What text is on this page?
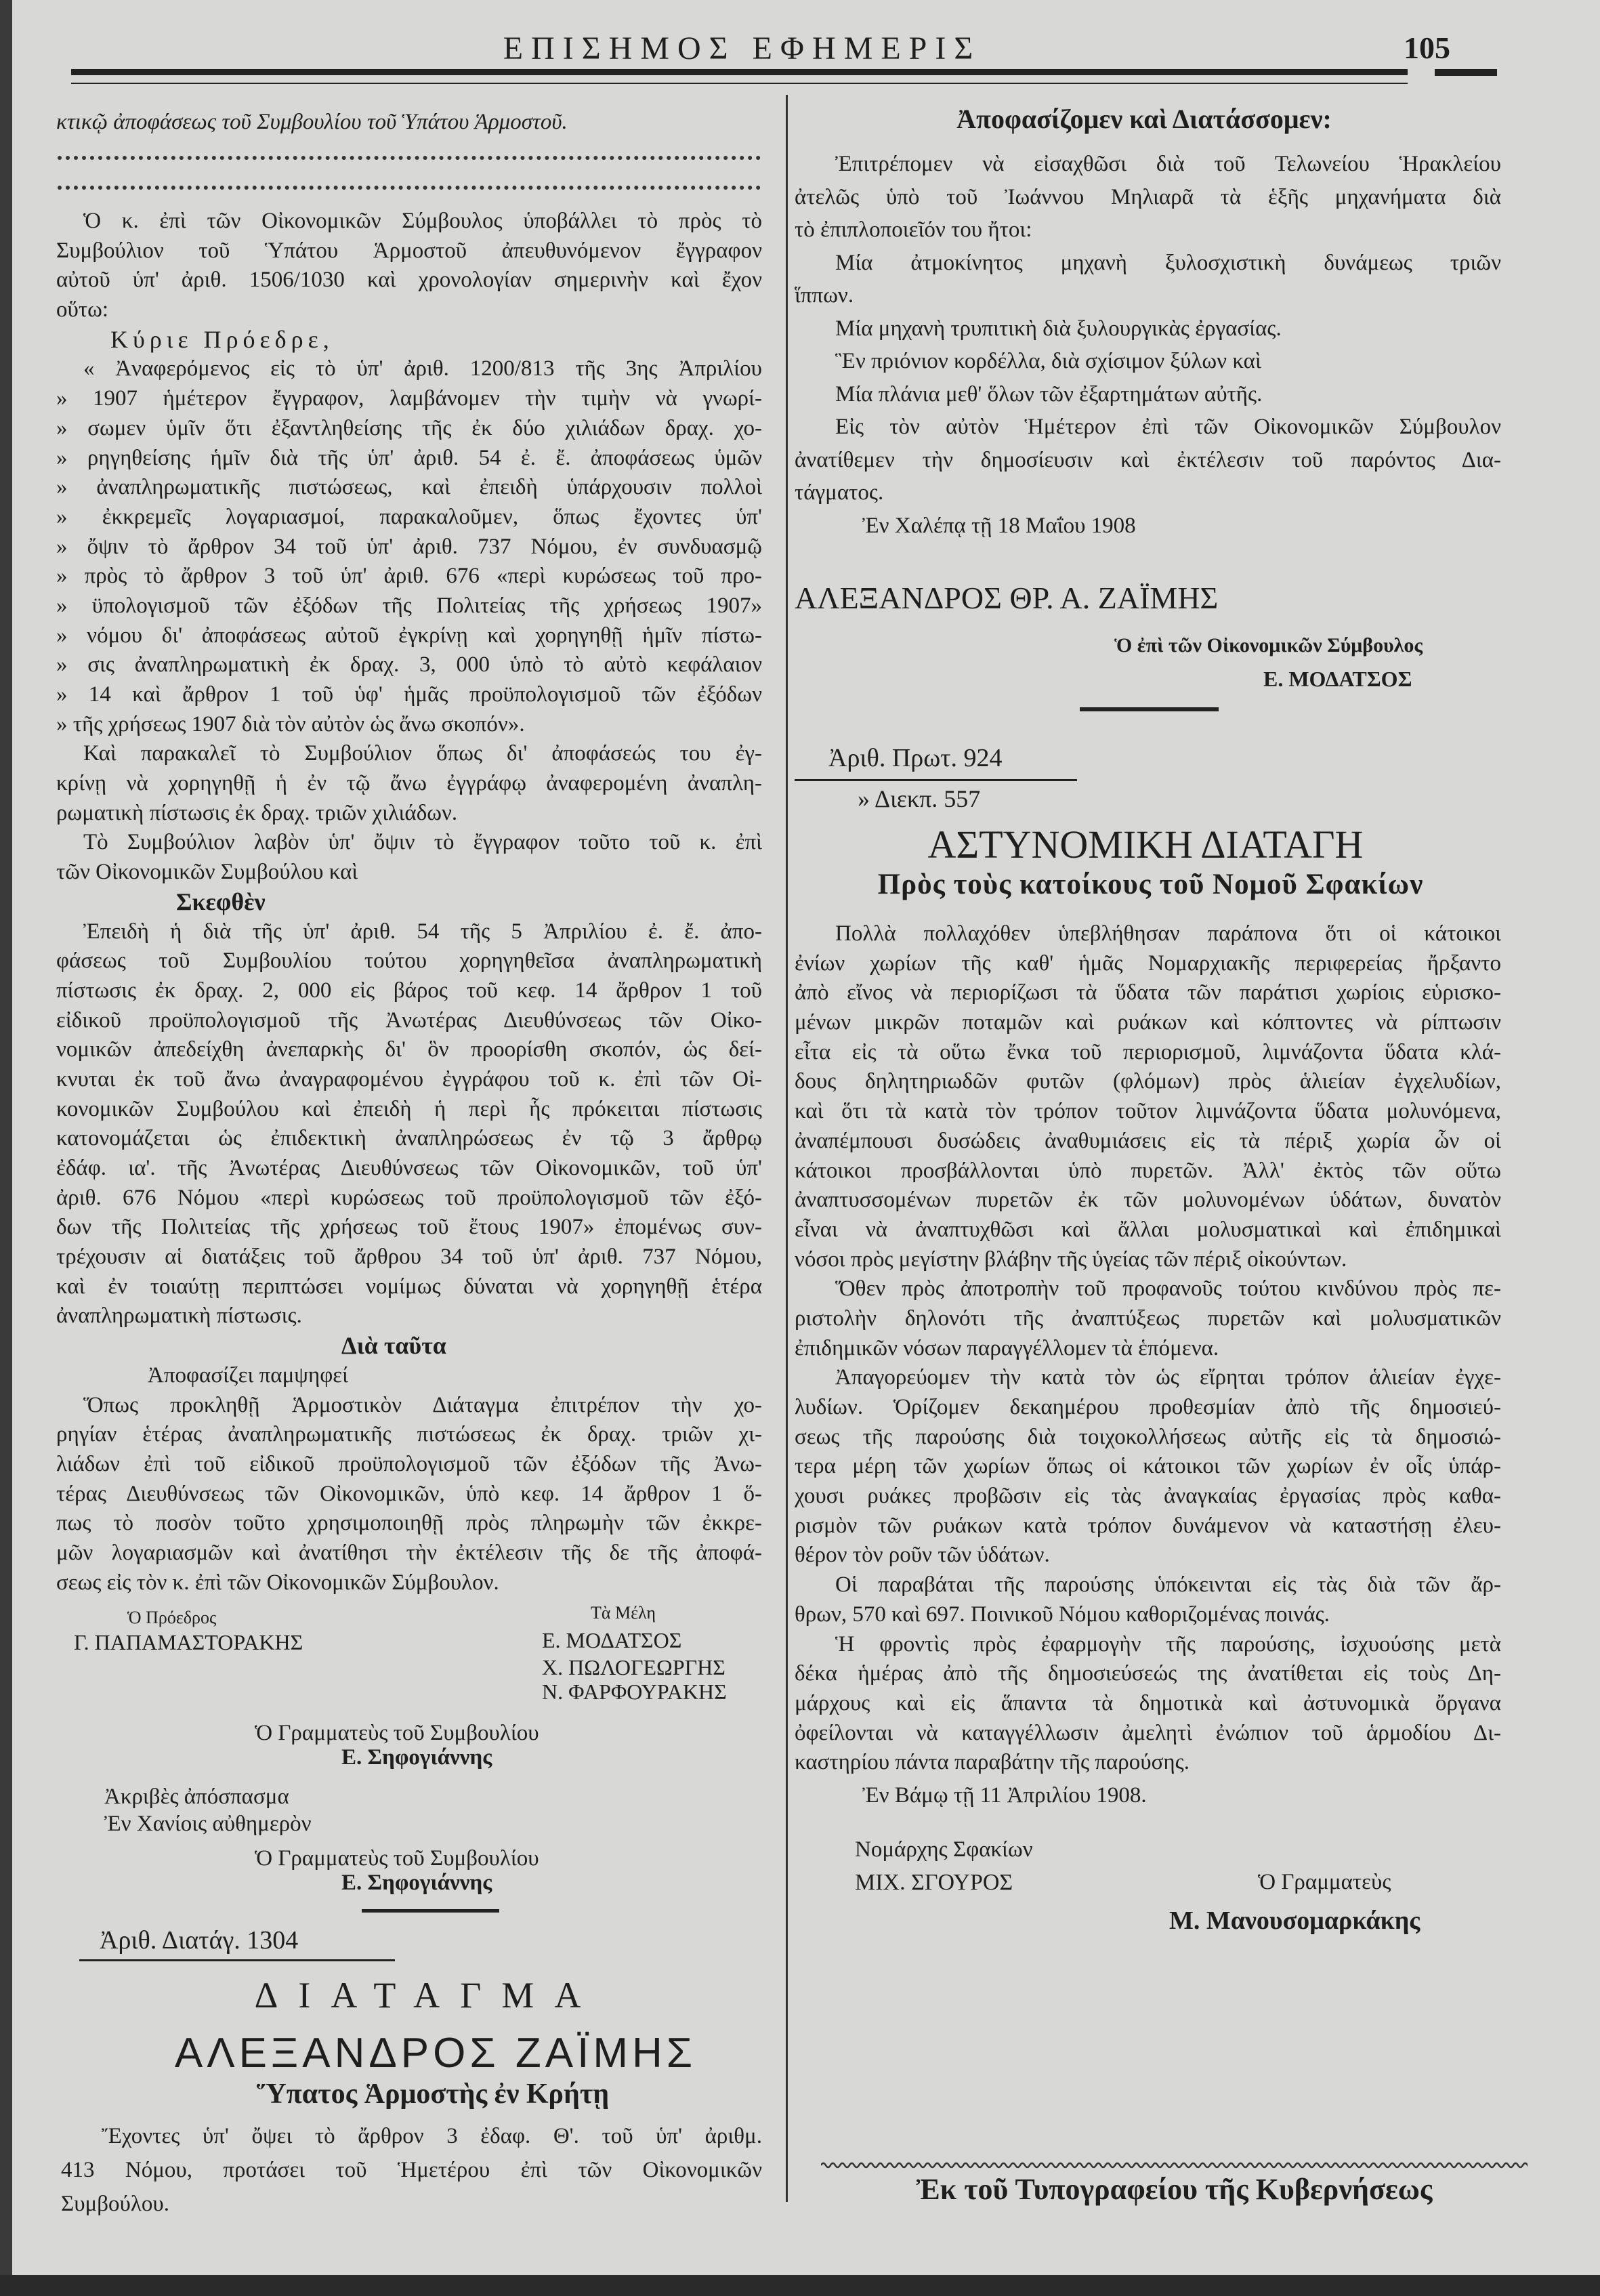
ΕΠΙΣΗΜΟΣ ΕΦΗΜΕΡΙΣ	105
κτικῷ ἀποφάσεως τοῦ Συμβουλίου τοῦ Ὑπάτου Ἁρμοστοῦ.
Ὁ κ. ἐπὶ τῶν Οἰκονομικῶν Σύμβουλος ὑποβάλλει τὸ πρὸς τὸ
Συμβούλιον τοῦ Ὑπάτου Ἁρμοστοῦ ἀπευθυνόμενον ἔγγραφον
αὐτοῦ ὑπ' ἀριθ. 1506/1030 καὶ χρονολογίαν σημερινὴν καὶ ἔχον
οὕτω:
Κύριε Πρόεδρε,
« Ἀναφερόμενος εἰς τὸ ὑπ' ἀριθ. 1200/813 τῆς 3ης Ἀπριλίου
» 1907 ἡμέτερον ἔγγραφον, λαμβάνομεν τὴν τιμὴν νὰ γνωρί-
» σωμεν ὑμῖν ὅτι ἐξαντληθείσης τῆς ἐκ δύο χιλιάδων δραχ. χο-
» ρηγηθείσης ἡμῖν διὰ τῆς ὑπ' ἀριθ. 54 ἐ. ἔ. ἀποφάσεως ὑμῶν
» ἀναπληρωματικῆς πιστώσεως, καὶ ἐπειδὴ ὑπάρχουσιν πολλοὶ
» ἐκκρεμεῖς λογαριασμοί, παρακαλοῦμεν, ὅπως ἔχοντες ὑπ'
» ὄψιν τὸ ἄρθρον 34 τοῦ ὑπ' ἀριθ. 737 Νόμου, ἐν συνδυασμῷ
» πρὸς τὸ ἄρθρον 3 τοῦ ὑπ' ἀριθ. 676 «περὶ κυρώσεως τοῦ προ-
» ϋπολογισμοῦ τῶν ἐξόδων τῆς Πολιτείας τῆς χρήσεως 1907»
» νόμου δι' ἀποφάσεως αὐτοῦ ἐγκρίνῃ καὶ χορηγηθῇ ἡμῖν πίστω-
» σις ἀναπληρωματικὴ ἐκ δραχ. 3, 000 ὑπὸ τὸ αὐτὸ κεφάλαιον
» 14 καὶ ἄρθρον 1 τοῦ ὑφ' ἡμᾶς προϋπολογισμοῦ τῶν ἐξόδων
» τῆς χρήσεως 1907 διὰ τὸν αὐτὸν ὡς ἄνω σκοπόν».
Καὶ παρακαλεῖ τὸ Συμβούλιον ὅπως δι' ἀποφάσεώς του ἐγ-
κρίνῃ νὰ χορηγηθῇ ἡ ἐν τῷ ἄνω ἐγγράφῳ ἀναφερομένη ἀναπλη-
ρωματικὴ πίστωσις ἐκ δραχ. τριῶν χιλιάδων.
Τὸ Συμβούλιον λαβὸν ὑπ' ὄψιν τὸ ἔγγραφον τοῦτο τοῦ κ. ἐπὶ
τῶν Οἰκονομικῶν Συμβούλου καὶ
Σκεφθὲν
Ἐπειδὴ ἡ διὰ τῆς ὑπ' ἀριθ. 54 τῆς 5 Ἀπριλίου ἐ. ἔ. ἀπο-
φάσεως τοῦ Συμβουλίου τούτου χορηγηθεῖσα ἀναπληρωματικὴ
πίστωσις ἐκ δραχ. 2, 000 εἰς βάρος τοῦ κεφ. 14 ἄρθρον 1 τοῦ
εἰδικοῦ προϋπολογισμοῦ τῆς Ἀνωτέρας Διευθύνσεως τῶν Οἰκο-
νομικῶν ἀπεδείχθη ἀνεπαρκὴς δι' ὃν προορίσθη σκοπόν, ὡς δεί-
κνυται ἐκ τοῦ ἄνω ἀναγραφομένου ἐγγράφου τοῦ κ. ἐπὶ τῶν Οἰ-
κονομικῶν Συμβούλου καὶ ἐπειδὴ ἡ περὶ ἧς πρόκειται πίστωσις
κατονομάζεται ὡς ἐπιδεκτικὴ ἀναπληρώσεως ἐν τῷ 3 ἄρθρῳ
ἐδάφ. ια'. τῆς Ἀνωτέρας Διευθύνσεως τῶν Οἰκονομικῶν, τοῦ ὑπ'
ἀριθ. 676 Νόμου «περὶ κυρώσεως τοῦ προϋπολογισμοῦ τῶν ἐξό-
δων τῆς Πολιτείας τῆς χρήσεως τοῦ ἔτους 1907» ἐπομένως συν-
τρέχουσιν αἱ διατάξεις τοῦ ἄρθρου 34 τοῦ ὑπ' ἀριθ. 737 Νόμου,
καὶ ἐν τοιαύτῃ περιπτώσει νομίμως δύναται νὰ χορηγηθῇ ἑτέρα
ἀναπληρωματικὴ πίστωσις.
Διὰ ταῦτα
Ἀποφασίζει παμψηφεί
Ὅπως προκληθῇ Ἁρμοστικὸν Διάταγμα ἐπιτρέπον τὴν χο-
ρηγίαν ἑτέρας ἀναπληρωματικῆς πιστώσεως ἐκ δραχ. τριῶν χι-
λιάδων ἐπὶ τοῦ εἰδικοῦ προϋπολογισμοῦ τῶν ἐξόδων τῆς Ἀνω-
τέρας Διευθύνσεως τῶν Οἰκονομικῶν, ὑπὸ κεφ. 14 ἄρθρον 1 ὅ-
πως τὸ ποσὸν τοῦτο χρησιμοποιηθῇ πρὸς πληρωμὴν τῶν ἐκκρε-
μῶν λογαριασμῶν καὶ ἀνατίθησι τὴν ἐκτέλεσιν τῆς δε τῆς ἀποφά-
σεως εἰς τὸν κ. ἐπὶ τῶν Οἰκονομικῶν Σύμβουλον.
Ὁ Πρόεδρος
Γ. ΠΑΠΑΜΑΣΤΟΡΑΚΗΣ
Τὰ Μέλη
Ε. ΜΟΔΑΤΣΟΣ
Χ. ΠΩΛΟΓΕΩΡΓΗΣ
Ν. ΦΑΡΦΟΥΡΑΚΗΣ
Ὁ Γραμματεὺς τοῦ Συμβουλίου
Ε. Σηφογιάννης
Ἀκριβὲς ἀπόσπασμα
Ἐν Χανίοις αὐθημερὸν
Ὁ Γραμματεὺς τοῦ Συμβουλίου
Ε. Σηφογιάννης
Ἀριθ. Διατάγ. 1304
ΔΙΑΤΑΓΜΑ
ΑΛΕΞΑΝΔΡΟΣ ΖΑΪΜΗΣ
Ὕπατος Ἁρμοστὴς ἐν Κρήτῃ
Ἔχοντες ὑπ' ὄψει τὸ ἄρθρον 3 ἐδαφ. Θ'. τοῦ ὑπ' ἀριθμ.
413 Νόμου, προτάσει τοῦ Ἡμετέρου ἐπὶ τῶν Οἰκονομικῶν
Συμβούλου.
Ἀποφασίζομεν καὶ Διατάσσομεν:
Ἐπιτρέπομεν νὰ εἰσαχθῶσι διὰ τοῦ Τελωνείου Ἡρακλείου
ἀτελῶς ὑπὸ τοῦ Ἰωάννου Μηλιαρᾶ τὰ ἑξῆς μηχανήματα διὰ
τὸ ἐπιπλοποιεῖόν του ἤτοι:
Μία ἀτμοκίνητος μηχανὴ ξυλοσχιστικὴ δυνάμεως τριῶν
ἵππων.
Μία μηχανὴ τρυπιτικὴ διὰ ξυλουργικὰς ἐργασίας.
Ἓν πριόνιον κορδέλλα, διὰ σχίσιμον ξύλων καὶ
Μία πλάνια μεθ' ὅλων τῶν ἐξαρτημάτων αὐτῆς.
Εἰς τὸν αὐτὸν Ἡμέτερον ἐπὶ τῶν Οἰκονομικῶν Σύμβουλον
ἀνατίθεμεν τὴν δημοσίευσιν καὶ ἐκτέλεσιν τοῦ παρόντος Δια-
τάγματος.
Ἐν Χαλέπᾳ τῇ 18 Μαΐου 1908
ΑΛΕΞΑΝΔΡΟΣ ΘΡ. Α. ΖΑΪΜΗΣ
Ὁ ἐπὶ τῶν Οἰκονομικῶν Σύμβουλος
Ε. ΜΟΔΑΤΣΟΣ
Ἀριθ. Πρωτ. 924
» Διεκπ. 557
ΑΣΤΥΝΟΜΙΚΗ ΔΙΑΤΑΓΗ
Πρὸς τοὺς κατοίκους τοῦ Νομοῦ Σφακίων
Πολλὰ πολλαχόθεν ὑπεβλήθησαν παράπονα ὅτι οἱ κάτοικοι
ἐνίων χωρίων τῆς καθ' ἡμᾶς Νομαρχιακῆς περιφερείας ἤρξαντο
ἀπὸ εἴνος νὰ περιορίζωσι τὰ ὕδατα τῶν παράτισι χωρίοις εὑρισκο-
μένων μικρῶν ποταμῶν καὶ ρυάκων καὶ κόπτοντες νὰ ρίπτωσιν
εἶτα εἰς τὰ οὕτω ἔνκα τοῦ περιορισμοῦ, λιμνάζοντα ὕδατα κλά-
δους δηλητηριωδῶν φυτῶν (φλόμων) πρὸς ἁλιείαν ἐγχελυδίων,
καὶ ὅτι τὰ κατὰ τὸν τρόπον τοῦτον λιμνάζοντα ὕδατα μολυνόμενα,
ἀναπέμπουσι δυσώδεις ἀναθυμιάσεις εἰς τὰ πέριξ χωρία ὧν οἱ
κάτοικοι προσβάλλονται ὑπὸ πυρετῶν. Ἀλλ' ἐκτὸς τῶν οὕτω
ἀναπτυσσομένων πυρετῶν ἐκ τῶν μολυνομένων ὑδάτων, δυνατὸν
εἶναι νὰ ἀναπτυχθῶσι καὶ ἄλλαι μολυσματικαὶ καὶ ἐπιδημικαὶ
νόσοι πρὸς μεγίστην βλάβην τῆς ὑγείας τῶν πέριξ οἰκούντων.
Ὅθεν πρὸς ἀποτροπὴν τοῦ προφανοῦς τούτου κινδύνου πρὸς πε-
ριστολὴν δηλονότι τῆς ἀναπτύξεως πυρετῶν καὶ μολυσματικῶν
ἐπιδημικῶν νόσων παραγγέλλομεν τὰ ἑπόμενα.
Ἀπαγορεύομεν τὴν κατὰ τὸν ὡς εἴρηται τρόπον ἁλιείαν ἐγχε-
λυδίων. Ὁρίζομεν δεκαημέρου προθεσμίαν ἀπὸ τῆς δημοσιεύ-
σεως τῆς παρούσης διὰ τοιχοκολλήσεως αὐτῆς εἰς τὰ δημοσιώ-
τερα μέρη τῶν χωρίων ὅπως οἱ κάτοικοι τῶν χωρίων ἐν οἷς ὑπάρ-
χουσι ρυάκες προβῶσιν εἰς τὰς ἀναγκαίας ἐργασίας πρὸς καθα-
ρισμὸν τῶν ρυάκων κατὰ τρόπον δυνάμενον νὰ καταστήσῃ ἐλευ-
θέρον τὸν ροῦν τῶν ὑδάτων.
Οἱ παραβάται τῆς παρούσης ὑπόκεινται εἰς τὰς διὰ τῶν ἄρ-
θρων, 570 καὶ 697. Ποινικοῦ Νόμου καθοριζομένας ποινάς.
Ἡ φροντὶς πρὸς ἐφαρμογὴν τῆς παρούσης, ἰσχυούσης μετὰ
δέκα ἡμέρας ἀπὸ τῆς δημοσιεύσεώς της ἀνατίθεται εἰς τοὺς Δη-
μάρχους καὶ εἰς ἅπαντα τὰ δημοτικὰ καὶ ἀστυνομικὰ ὄργανα
ὀφείλονται νὰ καταγγέλλωσιν ἀμελητὶ ἐνώπιον τοῦ ἁρμοδίου Δι-
καστηρίου πάντα παραβάτην τῆς παρούσης.
Ἐν Βάμῳ τῇ 11 Ἀπριλίου 1908.
Νομάρχης Σφακίων
ΜΙΧ. ΣΓΟΥΡΟΣ	Ὁ Γραμματεὺς
Μ. Μανουσομαρκάκης
Ἐκ τοῦ Τυπογραφείου τῆς Κυβερνήσεως
